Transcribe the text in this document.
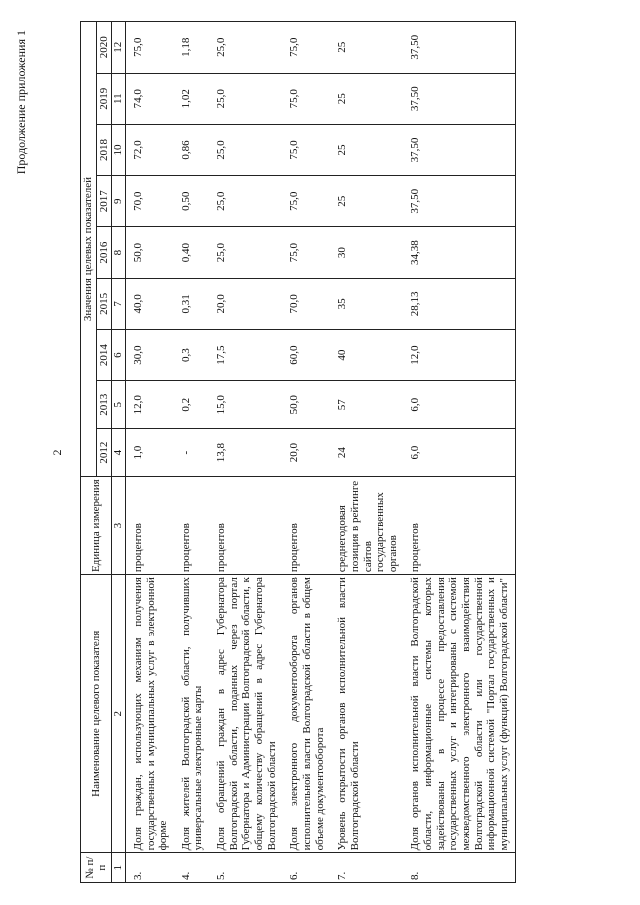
Продолжение приложения 1
2
№ п/п	Наименование целевого показателя	Единица измерения	Значения целевых показателей								
			2012	2013	2014	2015	2016	2017	2018	2019	2020
1	2	3	4	5	6	7	8	9	10	11	12
3.	Доля граждан, использующих механизм получения государственных и муниципальных услуг в электронной форме	процентов	1,0	12,0	30,0	40,0	50,0	70,0	72,0	74,0	75,0
4.	Доля жителей Волгоградской области, получивших универсальные электронные карты	процентов	-	0,2	0,3	0,31	0,40	0,50	0,86	1,02	1,18
5.	Доля обращений граждан в адрес Губернатора Волгоградской области, поданных через портал Губернатора и Администрации Волгоградской области, к общему количеству обращений в адрес Губернатора Волгоградской области	процентов	13,8	15,0	17,5	20,0	25,0	25,0	25,0	25,0	25,0
6.	Доля электронного документооборота органов исполнительной власти Волгоградской области в общем объеме документооборота	процентов	20,0	50,0	60,0	70,0	75,0	75,0	75,0	75,0	75,0
7.	Уровень открытости органов исполнительной власти Волгоградской области	среднегодовая позиция в рейтинге сайтов государственных органов	24	57	40	35	30	25	25	25	25
8.	Доля органов исполнительной власти Волгоградской области, информационные системы которых задействованы в процессе предоставления государственных услуг и интегрированы с системой межведомственного электронного взаимодействия Волгоградской области или государственной информационной системой "Портал государственных и муниципальных услуг (функций) Волгоградской области"	процентов	6,0	6,0	12,0	28,13	34,38	37,50	37,50	37,50	37,50
